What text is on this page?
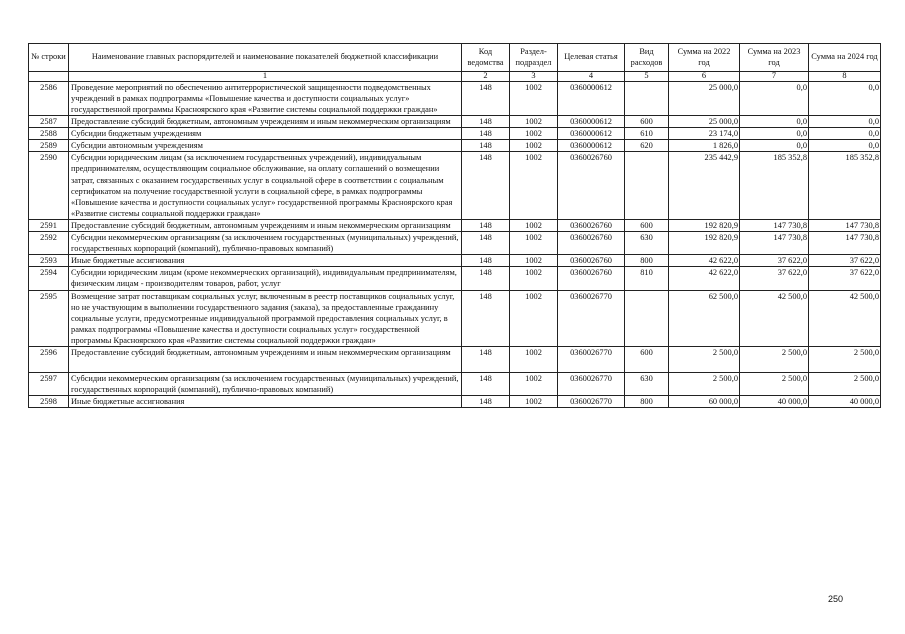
№ строки	Наименование главных распорядителей и наименование показателей бюджетной классификации	Код ведомства	Раздел-подраздел	Целевая статья	Вид расходов	Сумма на 2022 год	Сумма на 2023 год	Сумма на 2024 год
	1	2	3	4	5	6	7	8
2586	Проведение мероприятий по обеспечению антитеррористической защищенности подведомственных учреждений в рамках подпрограммы «Повышение качества и доступности социальных услуг» государственной программы Красноярского края «Развитие системы социальной поддержки граждан»	148	1002	0360000612		25 000,0	0,0	0,0
2587	Предоставление субсидий бюджетным, автономным учреждениям и иным некоммерческим организациям	148	1002	0360000612	600	25 000,0	0,0	0,0
2588	Субсидии бюджетным учреждениям	148	1002	0360000612	610	23 174,0	0,0	0,0
2589	Субсидии автономным учреждениям	148	1002	0360000612	620	1 826,0	0,0	0,0
2590	Субсидии юридическим лицам (за исключением государственных учреждений), индивидуальным предпринимателям, осуществляющим социальное обслуживание, на оплату соглашений о возмещении затрат, связанных с оказанием государственных услуг в социальной сфере в соответствии с социальным сертификатом на получение государственной услуги в социальной сфере, в рамках подпрограммы «Повышение качества и доступности социальных услуг» государственной программы Красноярского края «Развитие системы социальной поддержки граждан»	148	1002	0360026760		235 442,9	185 352,8	185 352,8
2591	Предоставление субсидий бюджетным, автономным учреждениям и иным некоммерческим организациям	148	1002	0360026760	600	192 820,9	147 730,8	147 730,8
2592	Субсидии некоммерческим организациям (за исключением государственных (муниципальных) учреждений, государственных корпораций (компаний), публично-правовых компаний)	148	1002	0360026760	630	192 820,9	147 730,8	147 730,8
2593	Иные бюджетные ассигнования	148	1002	0360026760	800	42 622,0	37 622,0	37 622,0
2594	Субсидии юридическим лицам (кроме некоммерческих организаций), индивидуальным предпринимателям, физическим лицам - производителям товаров, работ, услуг	148	1002	0360026760	810	42 622,0	37 622,0	37 622,0
2595	Возмещение затрат поставщикам социальных услуг, включенным в реестр поставщиков социальных услуг, но не участвующим в выполнении государственного задания (заказа), за предоставленные гражданину социальные услуги, предусмотренные индивидуальной программой предоставления социальных услуг, в рамках подпрограммы «Повышение качества и доступности социальных услуг» государственной программы Красноярского края «Развитие системы социальной поддержки граждан»	148	1002	0360026770		62 500,0	42 500,0	42 500,0
2596	Предоставление субсидий бюджетным, автономным учреждениям и иным некоммерческим организациям	148	1002	0360026770	600	2 500,0	2 500,0	2 500,0
2597	Субсидии некоммерческим организациям (за исключением государственных (муниципальных) учреждений, государственных корпораций (компаний), публично-правовых компаний)	148	1002	0360026770	630	2 500,0	2 500,0	2 500,0
2598	Иные бюджетные ассигнования	148	1002	0360026770	800	60 000,0	40 000,0	40 000,0
250
